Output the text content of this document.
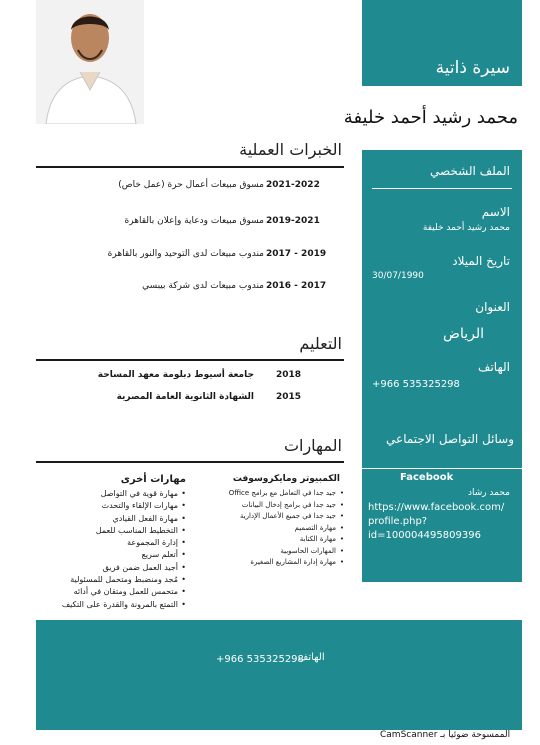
سيرة ذاتية
محمد رشيد أحمد خليفة
الملف الشخصي
الاسم
محمد رشيد أحمد خليفة
تاريخ الميلاد
30/07/1990
العنوان
الرياض
الهاتف
+966 535325298
وسائل التواصل الاجتماعي
Facebook
محمد رشاد
https://www.facebook.com/
profile.php?
id=100004495809396
الخبرات العملية
2021-2022
مسوق مبيعات أعمال حرة (عمل خاص)
2019-2021
مسوق مبيعات ودعاية وإعلان بالقاهرة
2017 - 2019
مندوب مبيعات لدى التوحيد والنور بالقاهرة
2016 - 2017
مندوب مبيعات لدى شركة بيبسي
التعليم
2018
جامعة أسيوط دبلومة معهد المساحة
2015
الشهادة الثانوية العامة المصرية
المهارات
الكمبيوتر ومايكروسوفت
جيد جدا في التعامل مع برامج Office •
جيد جدا في برامج إدخال البيانات •
جيد جدا في جميع الأعمال الإدارية •
مهارة التصميم •
مهارة الكتابة •
المهارات الحاسوبية •
مهارة إدارة المشاريع الصغيرة •
مهارات أخرى
مهارة قوية في التواصل •
مهارات الإلقاء والتحدث •
مهارة الفعل القيادي •
التخطيط المناسب للعمل •
إدارة المجموعة •
أتعلم سريع •
أجيد العمل ضمن فريق •
مُجد ومنضبط ومتحمل للمسئولية •
متحمس للعمل ومتقان في أدائه •
التمتع بالمرونة والقدرة على التكيف •
+966 535325298
الهاتف
الممسوحة ضوئيا بـ CamScanner
